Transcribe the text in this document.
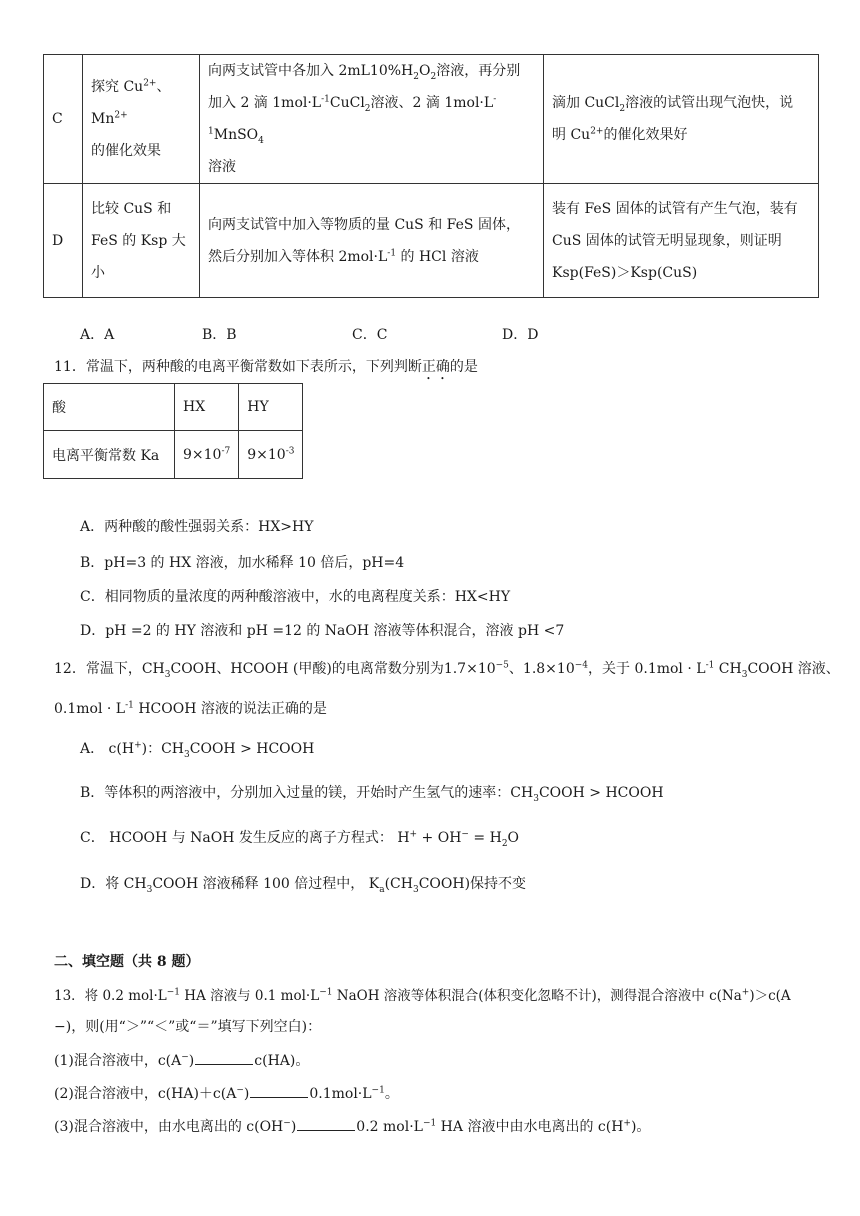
C	探究 $Cu^{2+}$、$Mn^{2+}$
的催化效果	向两支试管中各加入 $2mL10\%H_2O_2$溶液，再分别
加入 2 滴 $1mol\cdot L^{-1}CuCl_2$溶液、2 滴 $1mol\cdot L^{-1}MnSO_4$
溶液	滴加 CuCl$_2$溶液的试管出现气泡快，说
明 $Cu^{2+}$的催化效果好
D	比较 CuS 和
FeS 的 Ksp 大小	向两支试管中加入等物质的量 CuS 和 FeS 固体，
然后分别加入等体积 $2mol\cdot L^{-1}$ 的 HCl 溶液	装有 FeS 固体的试管有产生气泡，装有
CuS 固体的试管无明显现象，则证明
Ksp(FeS)＞Ksp(CuS)
A．A	B．B	C．C	D．D
11．常温下，两种酸的电离平衡常数如下表所示，下列判断正确的是
酸	HX	HY
电离平衡常数 Ka	$9\times 10^{-7}$	$9\times 10^{-3}$
A．两种酸的酸性强弱关系：HX>HY
B．pH=3 的 HX 溶液，加水稀释 10 倍后，pH=4
C．相同物质的量浓度的两种酸溶液中，水的电离程度关系：HX<HY
D．pH =2 的 HY 溶液和 pH =12 的 NaOH 溶液等体积混合，溶液 pH <7
12．常温下，$CH_3COOH$、HCOOH (甲酸)的电离常数分别为$1.7\times 10^{-5}$、$1.8\times 10^{-4}$，关于 $0.1mol \cdot L^{-1}$ $CH_3COOH$ 溶液、
$0.1mol \cdot L^{-1}$ HCOOH 溶液的说法正确的是
A． c(H+)：$CH_3COOH$ > HCOOH
B．等体积的两溶液中，分别加入过量的镁，开始时产生氢气的速率：$CH_3COOH$ > HCOOH
C． HCOOH 与 NaOH 发生反应的离子方程式： $H^+ + OH^- = H_2O$
D．将 $CH_3COOH$ 溶液稀释 100 倍过程中， $K_a(CH_3COOH)$保持不变
二、填空题（共 8 题）
13．将 0.2 $mol\cdot L^{-1}$ HA 溶液与 0.1 $mol\cdot L^{-1}$ NaOH 溶液等体积混合(体积变化忽略不计)，测得混合溶液中 c(Na+)＞c(A
−)，则(用“＞”“＜”或“＝”填写下列空白)：
(1)混合溶液中，c(A−)	c(HA)。
(2)混合溶液中，c(HA)＋c(A−)	$0.1mol\cdot L^{-1}$。
(3)混合溶液中，由水电离出的 c(OH−)	0.2 $mol\cdot L^{-1}$ HA 溶液中由水电离出的 c(H+)。
